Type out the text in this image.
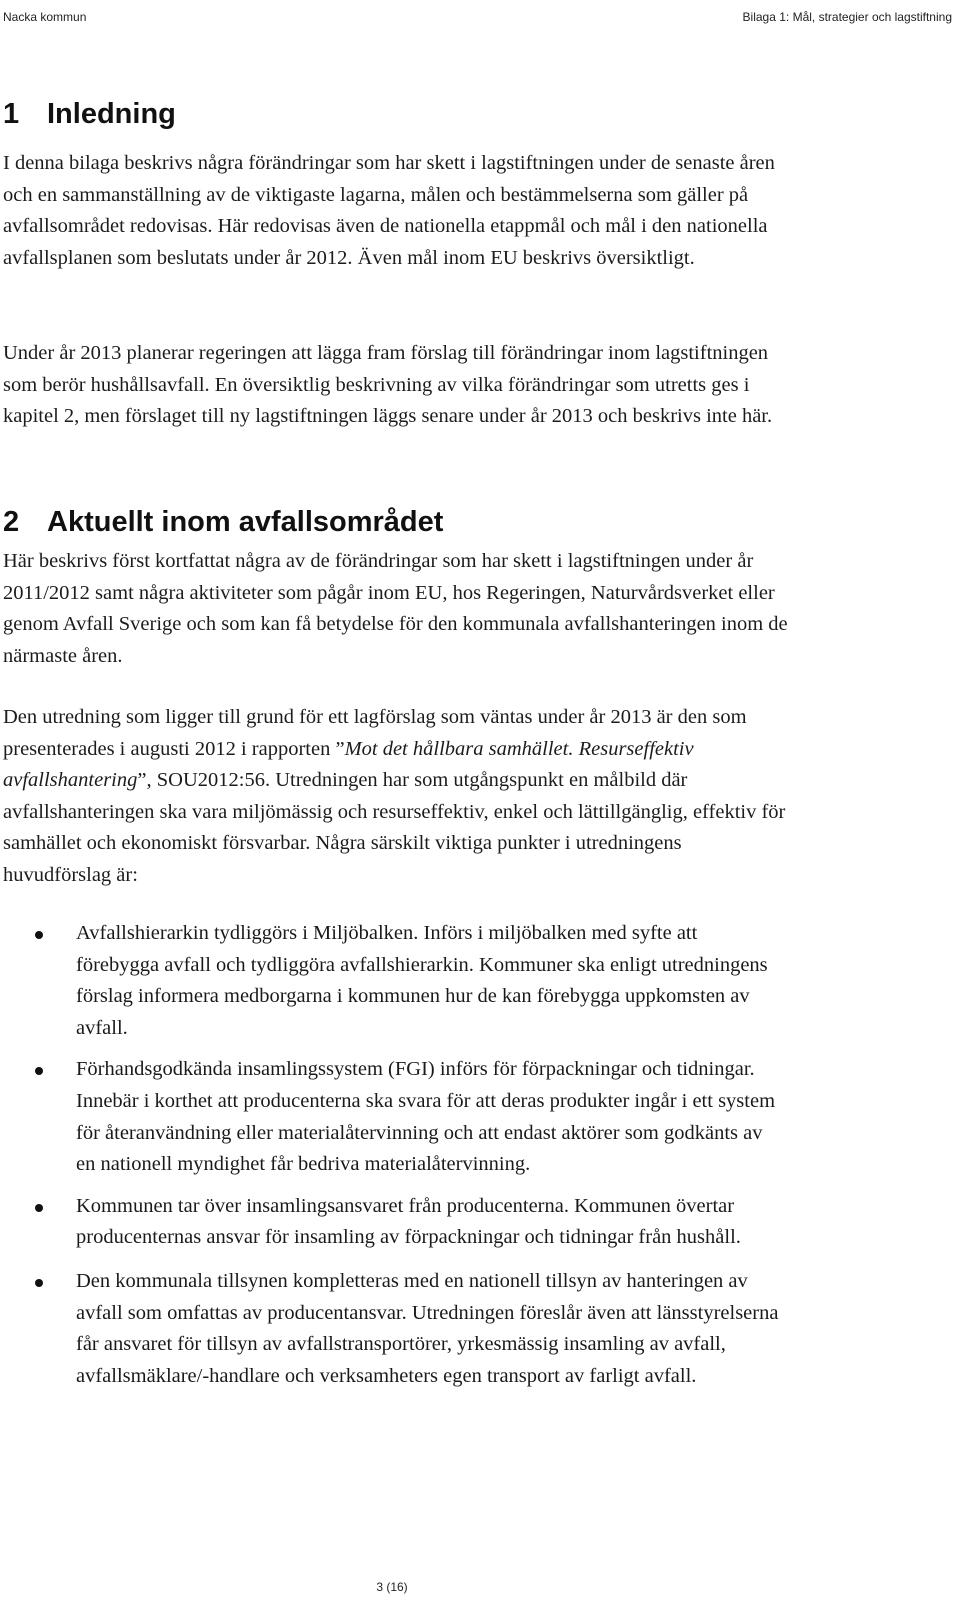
Nacka kommun	Bilaga 1: Mål, strategier och lagstiftning
1 Inledning

I denna bilaga beskrivs några förändringar som har skett i lagstiftningen under de senaste åren och en sammanställning av de viktigaste lagarna, målen och bestämmelserna som gäller på avfallsområdet redovisas. Här redovisas även de nationella etappmål och mål i den nationella avfallsplanen som beslutats under år 2012. Även mål inom EU beskrivs översiktligt.

Under år 2013 planerar regeringen att lägga fram förslag till förändringar inom lagstiftningen som berör hushållsavfall. En översiktlig beskrivning av vilka förändringar som utretts ges i kapitel 2, men förslaget till ny lagstiftningen läggs senare under år 2013 och beskrivs inte här.

2 Aktuellt inom avfallsområdet

Här beskrivs först kortfattat några av de förändringar som har skett i lagstiftningen under år 2011/2012 samt några aktiviteter som pågår inom EU, hos Regeringen, Naturvårdsverket eller genom Avfall Sverige och som kan få betydelse för den kommunala avfallshanteringen inom de närmaste åren.

Den utredning som ligger till grund för ett lagförslag som väntas under år 2013 är den som presenterades i augusti 2012 i rapporten ”Mot det hållbara samhället. Resurseffektiv avfallshantering”, SOU2012:56. Utredningen har som utgångspunkt en målbild där avfallshanteringen ska vara miljömässig och resurseffektiv, enkel och lättillgänglig, effektiv för samhället och ekonomiskt försvarbar. Några särskilt viktiga punkter i utredningens huvudförslag är:

Avfallshierarkin tydliggörs i Miljöbalken. Införs i miljöbalken med syfte att förebygga avfall och tydliggöra avfallshierarkin. Kommuner ska enligt utredningens förslag informera medborgarna i kommunen hur de kan förebygga uppkomsten av avfall.
Förhandsgodkända insamlingssystem (FGI) införs för förpackningar och tidningar. Innebär i korthet att producenterna ska svara för att deras produkter ingår i ett system för återanvändning eller materialåtervinning och att endast aktörer som godkänts av en nationell myndighet får bedriva materialåtervinning.
Kommunen tar över insamlingsansvaret från producenterna. Kommunen övertar producenternas ansvar för insamling av förpackningar och tidningar från hushåll.
Den kommunala tillsynen kompletteras med en nationell tillsyn av hanteringen av avfall som omfattas av producentansvar. Utredningen föreslår även att länsstyrelserna får ansvaret för tillsyn av avfallstransportörer, yrkesmässig insamling av avfall, avfallsmäklare/-handlare och verksamheters egen transport av farligt avfall.
3 (16)
